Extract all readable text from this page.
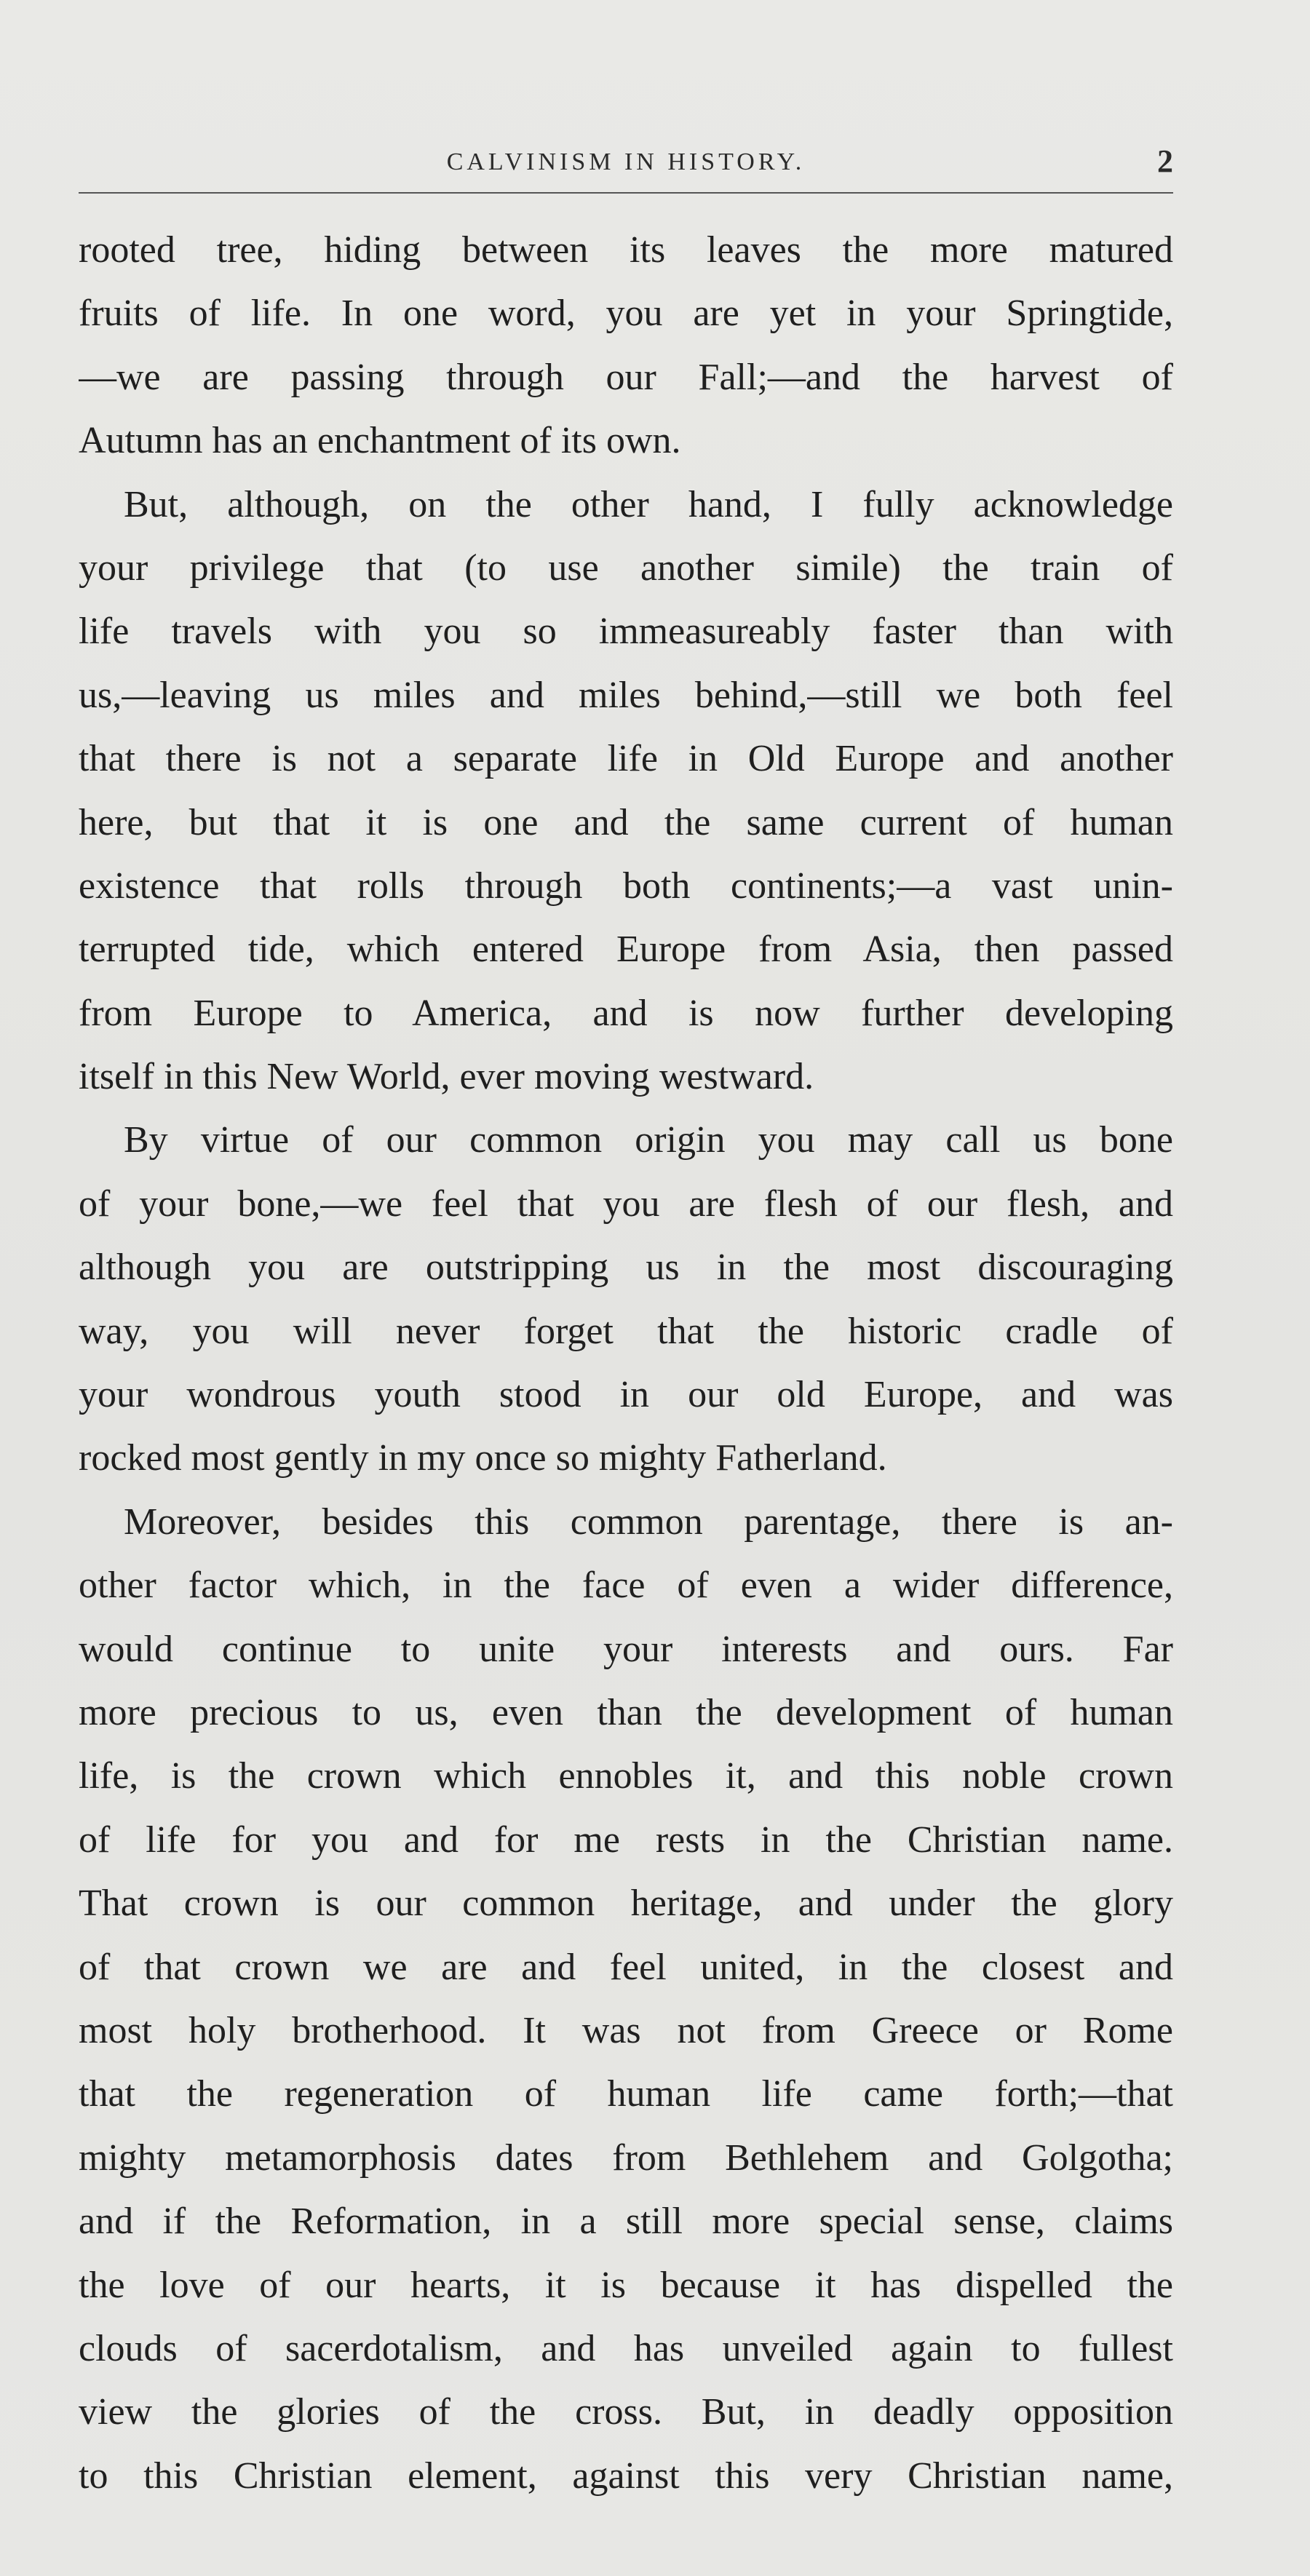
CALVINISM IN HISTORY.	2
rooted tree, hiding between its leaves the more matured
fruits of life. In one word, you are yet in your Springtide,
—we are passing through our Fall;—and the harvest of
Autumn has an enchantment of its own.
But, although, on the other hand, I fully acknowledge
your privilege that (to use another simile) the train of
life travels with you so immeasureably faster than with
us,—leaving us miles and miles behind,—still we both feel
that there is not a separate life in Old Europe and another
here, but that it is one and the same current of human
existence that rolls through both continents;—a vast unin-
terrupted tide, which entered Europe from Asia, then passed
from Europe to America, and is now further developing
itself in this New World, ever moving westward.
By virtue of our common origin you may call us bone
of your bone,—we feel that you are flesh of our flesh, and
although you are outstripping us in the most discouraging
way, you will never forget that the historic cradle of
your wondrous youth stood in our old Europe, and was
rocked most gently in my once so mighty Fatherland.
Moreover, besides this common parentage, there is an-
other factor which, in the face of even a wider difference,
would continue to unite your interests and ours. Far
more precious to us, even than the development of human
life, is the crown which ennobles it, and this noble crown
of life for you and for me rests in the Christian name.
That crown is our common heritage, and under the glory
of that crown we are and feel united, in the closest and
most holy brotherhood. It was not from Greece or Rome
that the regeneration of human life came forth;—that
mighty metamorphosis dates from Bethlehem and Golgotha;
and if the Reformation, in a still more special sense, claims
the love of our hearts, it is because it has dispelled the
clouds of sacerdotalism, and has unveiled again to fullest
view the glories of the cross. But, in deadly opposition
to this Christian element, against this very Christian name,
